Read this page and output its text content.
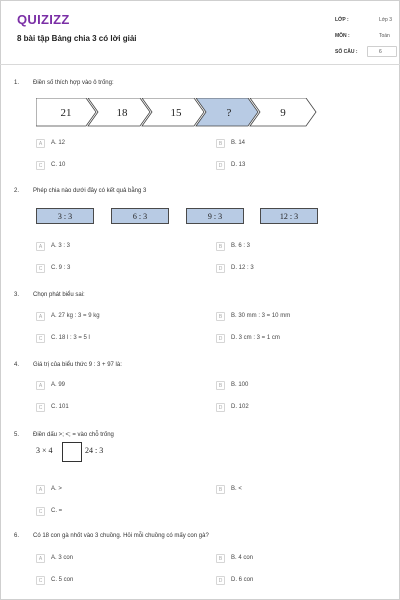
QUIZIZZ
8 bài tập Bảng chia 3 có lời giải
LỚP :	Lớp 3
MÔN :	Toán
SỐ CÂU :	6
1. Điền số thích hợp vào ô trống:
21	18	15	?	9
A	A. 12	B	B. 14
C	C. 10	D	D. 13
2. Phép chia nào dưới đây có kết quả bằng 3
3 : 3	6 : 3	9 : 3	12 : 3
A	A. 3 : 3	B	B. 6 : 3
C	C. 9 : 3	D	D. 12 : 3
3. Chọn phát biểu sai:
A	A. 27 kg : 3 = 9 kg	B	B. 30 mm : 3 = 10 mm
C	C. 18 l : 3 = 5 l	D	D. 3 cm : 3 = 1 cm
4. Giá trị của biểu thức 9 : 3 + 97 là:
A	A. 99	B	B. 100
C	C. 101	D	D. 102
5. Điền dấu >; <; = vào chỗ trống
3 × 4	24 : 3
A	A. >	B	B. <
C	C. =
6. Có 18 con gà nhốt vào 3 chuồng. Hỏi mỗi chuồng có mấy con gà?
A	A. 3 con	B	B. 4 con
C	C. 5 con	D	D. 6 con
